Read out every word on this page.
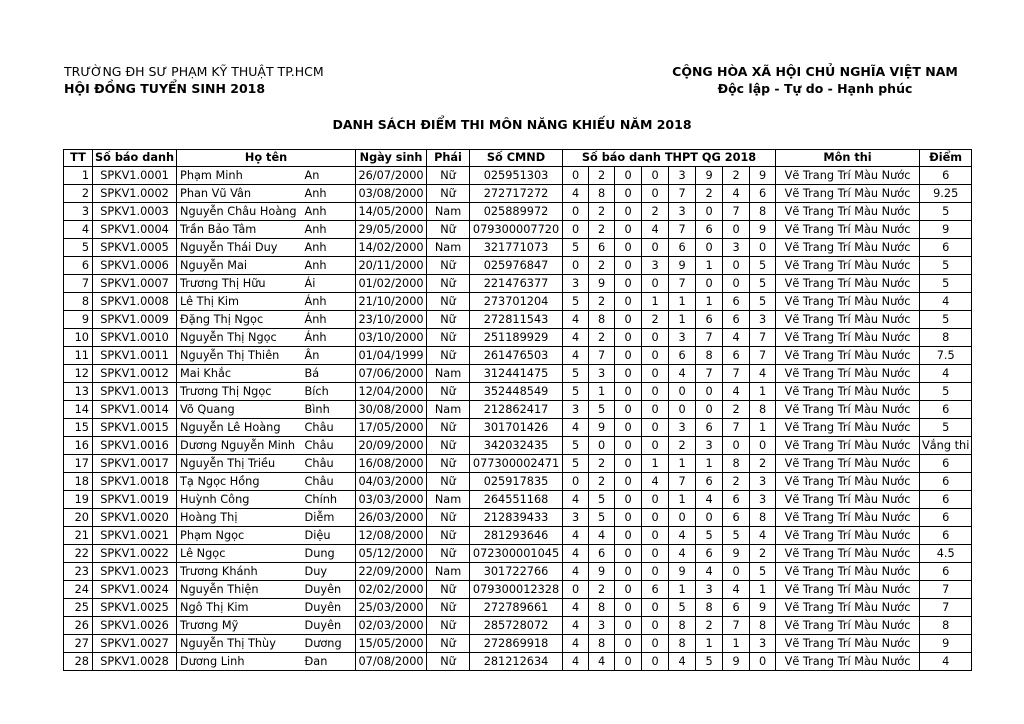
TRƯỜNG ĐH SƯ PHẠM KỸ THUẬT TP.HCM
HỘI ĐỒNG TUYỂN SINH 2018
CỘNG HÒA XÃ HỘI CHỦ NGHĨA VIỆT NAM
Độc lập - Tự do - Hạnh phúc
DANH SÁCH ĐIỂM THI MÔN NĂNG KHIẾU NĂM 2018
TT	Số báo danh	Họ tên		Ngày sinh	Phái	Số CMND	Số báo danh THPT QG 2018								Môn thi	Điểm
1	SPKV1.0001	Phạm Minh	An	26/07/2000	Nữ	025951303	0	2	0	0	3	9	2	9	Vẽ Trang Trí Màu Nước	6
2	SPKV1.0002	Phan Vũ Vân	Anh	03/08/2000	Nữ	272717272	4	8	0	0	7	2	4	6	Vẽ Trang Trí Màu Nước	9.25
3	SPKV1.0003	Nguyễn Châu Hoàng	Anh	14/05/2000	Nam	025889972	0	2	0	2	3	0	7	8	Vẽ Trang Trí Màu Nước	5
4	SPKV1.0004	Trần Bảo Tâm	Anh	29/05/2000	Nữ	079300007720	0	2	0	4	7	6	0	9	Vẽ Trang Trí Màu Nước	9
5	SPKV1.0005	Nguyễn Thái Duy	Anh	14/02/2000	Nam	321771073	5	6	0	0	6	0	3	0	Vẽ Trang Trí Màu Nước	6
6	SPKV1.0006	Nguyễn Mai	Anh	20/11/2000	Nữ	025976847	0	2	0	3	9	1	0	5	Vẽ Trang Trí Màu Nước	5
7	SPKV1.0007	Trương Thị Hữu	Ái	01/02/2000	Nữ	221476377	3	9	0	0	7	0	0	5	Vẽ Trang Trí Màu Nước	5
8	SPKV1.0008	Lê Thị Kim	Ánh	21/10/2000	Nữ	273701204	5	2	0	1	1	1	6	5	Vẽ Trang Trí Màu Nước	4
9	SPKV1.0009	Đặng Thị Ngọc	Ánh	23/10/2000	Nữ	272811543	4	8	0	2	1	6	6	3	Vẽ Trang Trí Màu Nước	5
10	SPKV1.0010	Nguyễn Thị Ngọc	Ánh	03/10/2000	Nữ	251189929	4	2	0	0	3	7	4	7	Vẽ Trang Trí Màu Nước	8
11	SPKV1.0011	Nguyễn Thị Thiên	Ân	01/04/1999	Nữ	261476503	4	7	0	0	6	8	6	7	Vẽ Trang Trí Màu Nước	7.5
12	SPKV1.0012	Mai Khắc	Bá	07/06/2000	Nam	312441475	5	3	0	0	4	7	7	4	Vẽ Trang Trí Màu Nước	4
13	SPKV1.0013	Trương Thị Ngọc	Bích	12/04/2000	Nữ	352448549	5	1	0	0	0	0	4	1	Vẽ Trang Trí Màu Nước	5
14	SPKV1.0014	Võ Quang	Bình	30/08/2000	Nam	212862417	3	5	0	0	0	0	2	8	Vẽ Trang Trí Màu Nước	6
15	SPKV1.0015	Nguyễn Lê Hoàng	Châu	17/05/2000	Nữ	301701426	4	9	0	0	3	6	7	1	Vẽ Trang Trí Màu Nước	5
16	SPKV1.0016	Dương Nguyễn Minh	Châu	20/09/2000	Nữ	342032435	5	0	0	0	2	3	0	0	Vẽ Trang Trí Màu Nước	Vắng thi
17	SPKV1.0017	Nguyễn Thị Triều	Châu	16/08/2000	Nữ	077300002471	5	2	0	1	1	1	8	2	Vẽ Trang Trí Màu Nước	6
18	SPKV1.0018	Tạ Ngọc Hồng	Châu	04/03/2000	Nữ	025917835	0	2	0	4	7	6	2	3	Vẽ Trang Trí Màu Nước	6
19	SPKV1.0019	Huỳnh Công	Chính	03/03/2000	Nam	264551168	4	5	0	0	1	4	6	3	Vẽ Trang Trí Màu Nước	6
20	SPKV1.0020	Hoàng Thị	Diễm	26/03/2000	Nữ	212839433	3	5	0	0	0	0	6	8	Vẽ Trang Trí Màu Nước	6
21	SPKV1.0021	Phạm Ngọc	Diệu	12/08/2000	Nữ	281293646	4	4	0	0	4	5	5	4	Vẽ Trang Trí Màu Nước	6
22	SPKV1.0022	Lê Ngọc	Dung	05/12/2000	Nữ	072300001045	4	6	0	0	4	6	9	2	Vẽ Trang Trí Màu Nước	4.5
23	SPKV1.0023	Trương Khánh	Duy	22/09/2000	Nam	301722766	4	9	0	0	9	4	0	5	Vẽ Trang Trí Màu Nước	6
24	SPKV1.0024	Nguyễn Thiện	Duyên	02/02/2000	Nữ	079300012328	0	2	0	6	1	3	4	1	Vẽ Trang Trí Màu Nước	7
25	SPKV1.0025	Ngô Thị Kim	Duyên	25/03/2000	Nữ	272789661	4	8	0	0	5	8	6	9	Vẽ Trang Trí Màu Nước	7
26	SPKV1.0026	Trương Mỹ	Duyên	02/03/2000	Nữ	285728072	4	3	0	0	8	2	7	8	Vẽ Trang Trí Màu Nước	8
27	SPKV1.0027	Nguyễn Thị Thùy	Dương	15/05/2000	Nữ	272869918	4	8	0	0	8	1	1	3	Vẽ Trang Trí Màu Nước	9
28	SPKV1.0028	Dương Linh	Đan	07/08/2000	Nữ	281212634	4	4	0	0	4	5	9	0	Vẽ Trang Trí Màu Nước	4
